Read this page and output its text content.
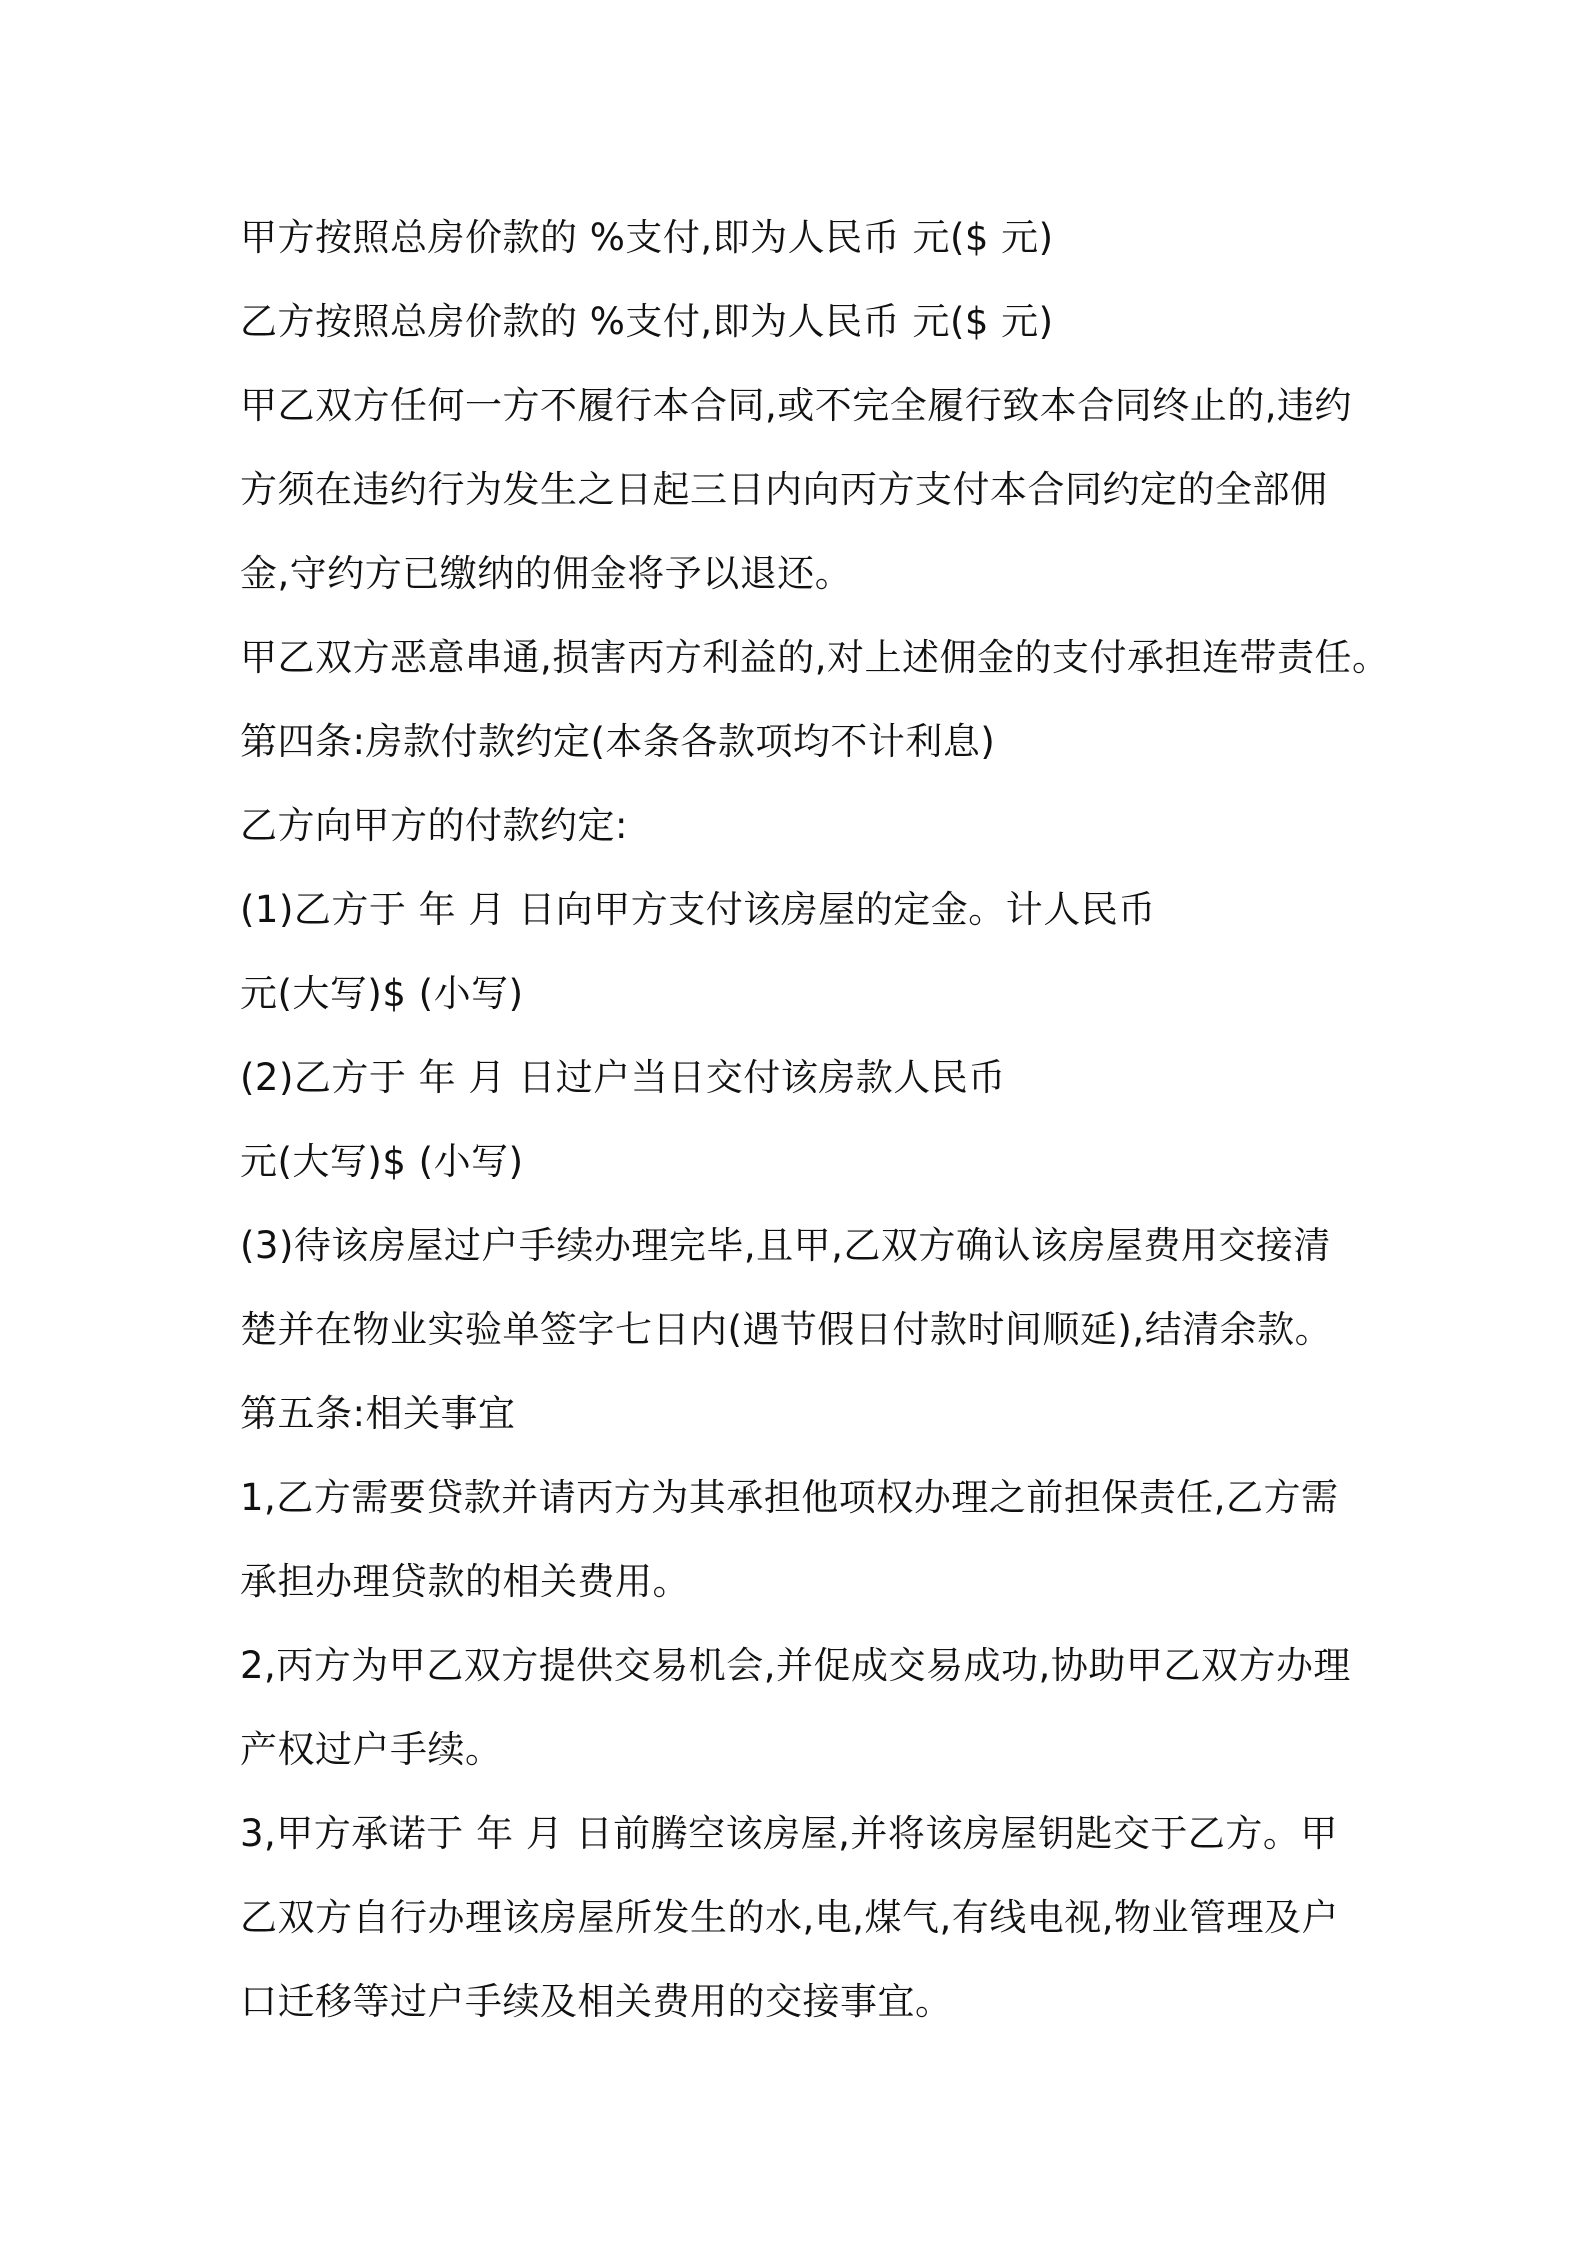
甲方按照总房价款的 %支付,即为人民币 元($ 元)
乙方按照总房价款的 %支付,即为人民币 元($ 元)
甲乙双方任何一方不履行本合同,或不完全履行致本合同终止的,违约
方须在违约行为发生之日起三日内向丙方支付本合同约定的全部佣
金,守约方已缴纳的佣金将予以退还。
甲乙双方恶意串通,损害丙方利益的,对上述佣金的支付承担连带责任。
第四条:房款付款约定(本条各款项均不计利息)
乙方向甲方的付款约定:
(1)乙方于 年 月 日向甲方支付该房屋的定金。计人民币
元(大写)$ (小写)
(2)乙方于 年 月 日过户当日交付该房款人民币
元(大写)$ (小写)
(3)待该房屋过户手续办理完毕,且甲,乙双方确认该房屋费用交接清
楚并在物业实验单签字七日内(遇节假日付款时间顺延),结清余款。
第五条:相关事宜
1,乙方需要贷款并请丙方为其承担他项权办理之前担保责任,乙方需
承担办理贷款的相关费用。
2,丙方为甲乙双方提供交易机会,并促成交易成功,协助甲乙双方办理
产权过户手续。
3,甲方承诺于 年 月 日前腾空该房屋,并将该房屋钥匙交于乙方。甲
乙双方自行办理该房屋所发生的水,电,煤气,有线电视,物业管理及户
口迁移等过户手续及相关费用的交接事宜。
